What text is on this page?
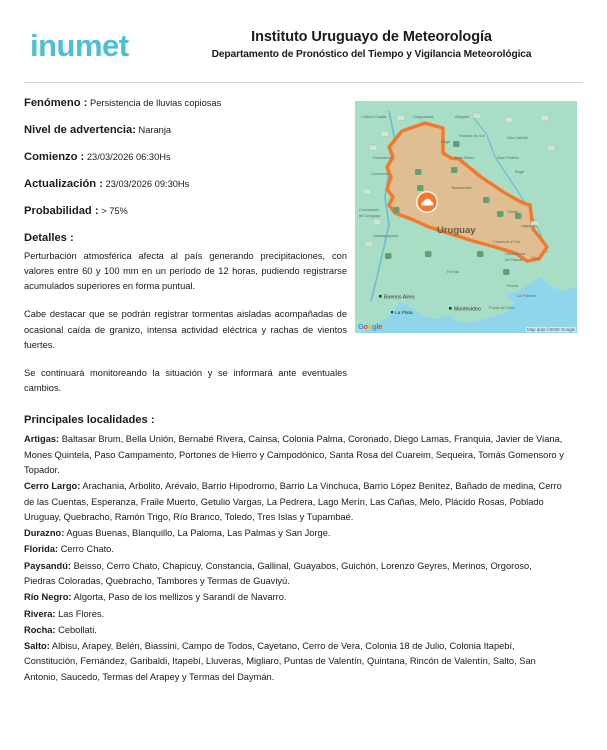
inumet	Instituto Uruguayo de Meteorología
Departamento de Pronóstico del Tiempo y Vigilancia Meteorológica
Fenómeno : Persistencia de lluvias copiosas
Nivel de advertencia: Naranja
Comienzo : 23/03/2026 06:30Hs
Actualización : 23/03/2026 09:30Hs
Probabilidad : > 75%
Detalles :

Perturbación atmosférica afecta al país generando precipitaciones, con valores entre 60 y 100 mm en un período de 12 horas, pudiendo registrarse acumulados superiores en forma puntual.

Cabe destacar que se podrán registrar tormentas aisladas acompañadas de ocasional caída de granizo, intensa actividad eléctrica y rachas de vientos fuertes.

Se continuará monitoreando la situación y se informará ante eventuales cambios.

Cuñurú Cuatiá	Uruguaiana	Alegrete
Rosário do Sul	São Gabriel
Bagé
Dom Pedrito
Bagé
Federación
Concordia
Bom Retiro
Tacuarembó
Olimar
Jaguarão
Concepción
del Uruguay
Gualeguaychú
Florida
Rocha
La Paloma
Santa Rosa
do Palmar Chuí
Punta del Este
Chamizal y Frío
Uruguay
Buenos Aires
La Plata
Montevideo
Google	Map data ©2026 Google
Principales localidades :
Artigas: Baltasar Brum, Bella Unión, Bernabé Rivera, Cainsa, Colonia Palma, Coronado, Diego Lamas, Franquia, Javier de Viana, Mones Quintela, Paso Campamento, Portones de Hierro y Campodónico, Santa Rosa del Cuareim, Sequeira, Tomás Gomensoro y Topador.
Cerro Largo: Arachania, Arbolito, Arévalo, Barrio Hipodromo, Barrio La Vinchuca, Barrio López Benítez, Bañado de medina, Cerro de las Cuentas, Esperanza, Fraile Muerto, Getulio Vargas, La Pedrera, Lago Merín, Las Cañas, Melo, Plácido Rosas, Poblado Uruguay, Quebracho, Ramón Trigo, Río Branco, Toledo, Tres Islas y Tupambaé.
Durazno: Aguas Buenas, Blanquillo, La Paloma, Las Palmas y San Jorge.
Florida: Cerro Chato.
Paysandú: Beisso, Cerro Chato, Chapicuy, Constancia, Gallinal, Guayabos, Guichón, Lorenzo Geyres, Merinos, Orgoroso, Piedras Coloradas, Quebracho, Tambores y Termas de Guaviyú.
Río Negro: Algorta, Paso de los mellizos y Sarandí de Navarro.
Rivera: Las Flores.
Rocha: Cebollati.
Salto: Albisu, Arapey, Belén, Biassini, Campo de Todos, Cayetano, Cerro de Vera, Colonia 18 de Julio, Colonia Itapebí, Constitución, Fernández, Garibaldi, Itapebí, Lluveras, Migliaro, Puntas de Valentín, Quintana, Rincón de Valentín, Salto, San Antonio, Saucedo, Termas del Arapey y Termas del Daymán.
